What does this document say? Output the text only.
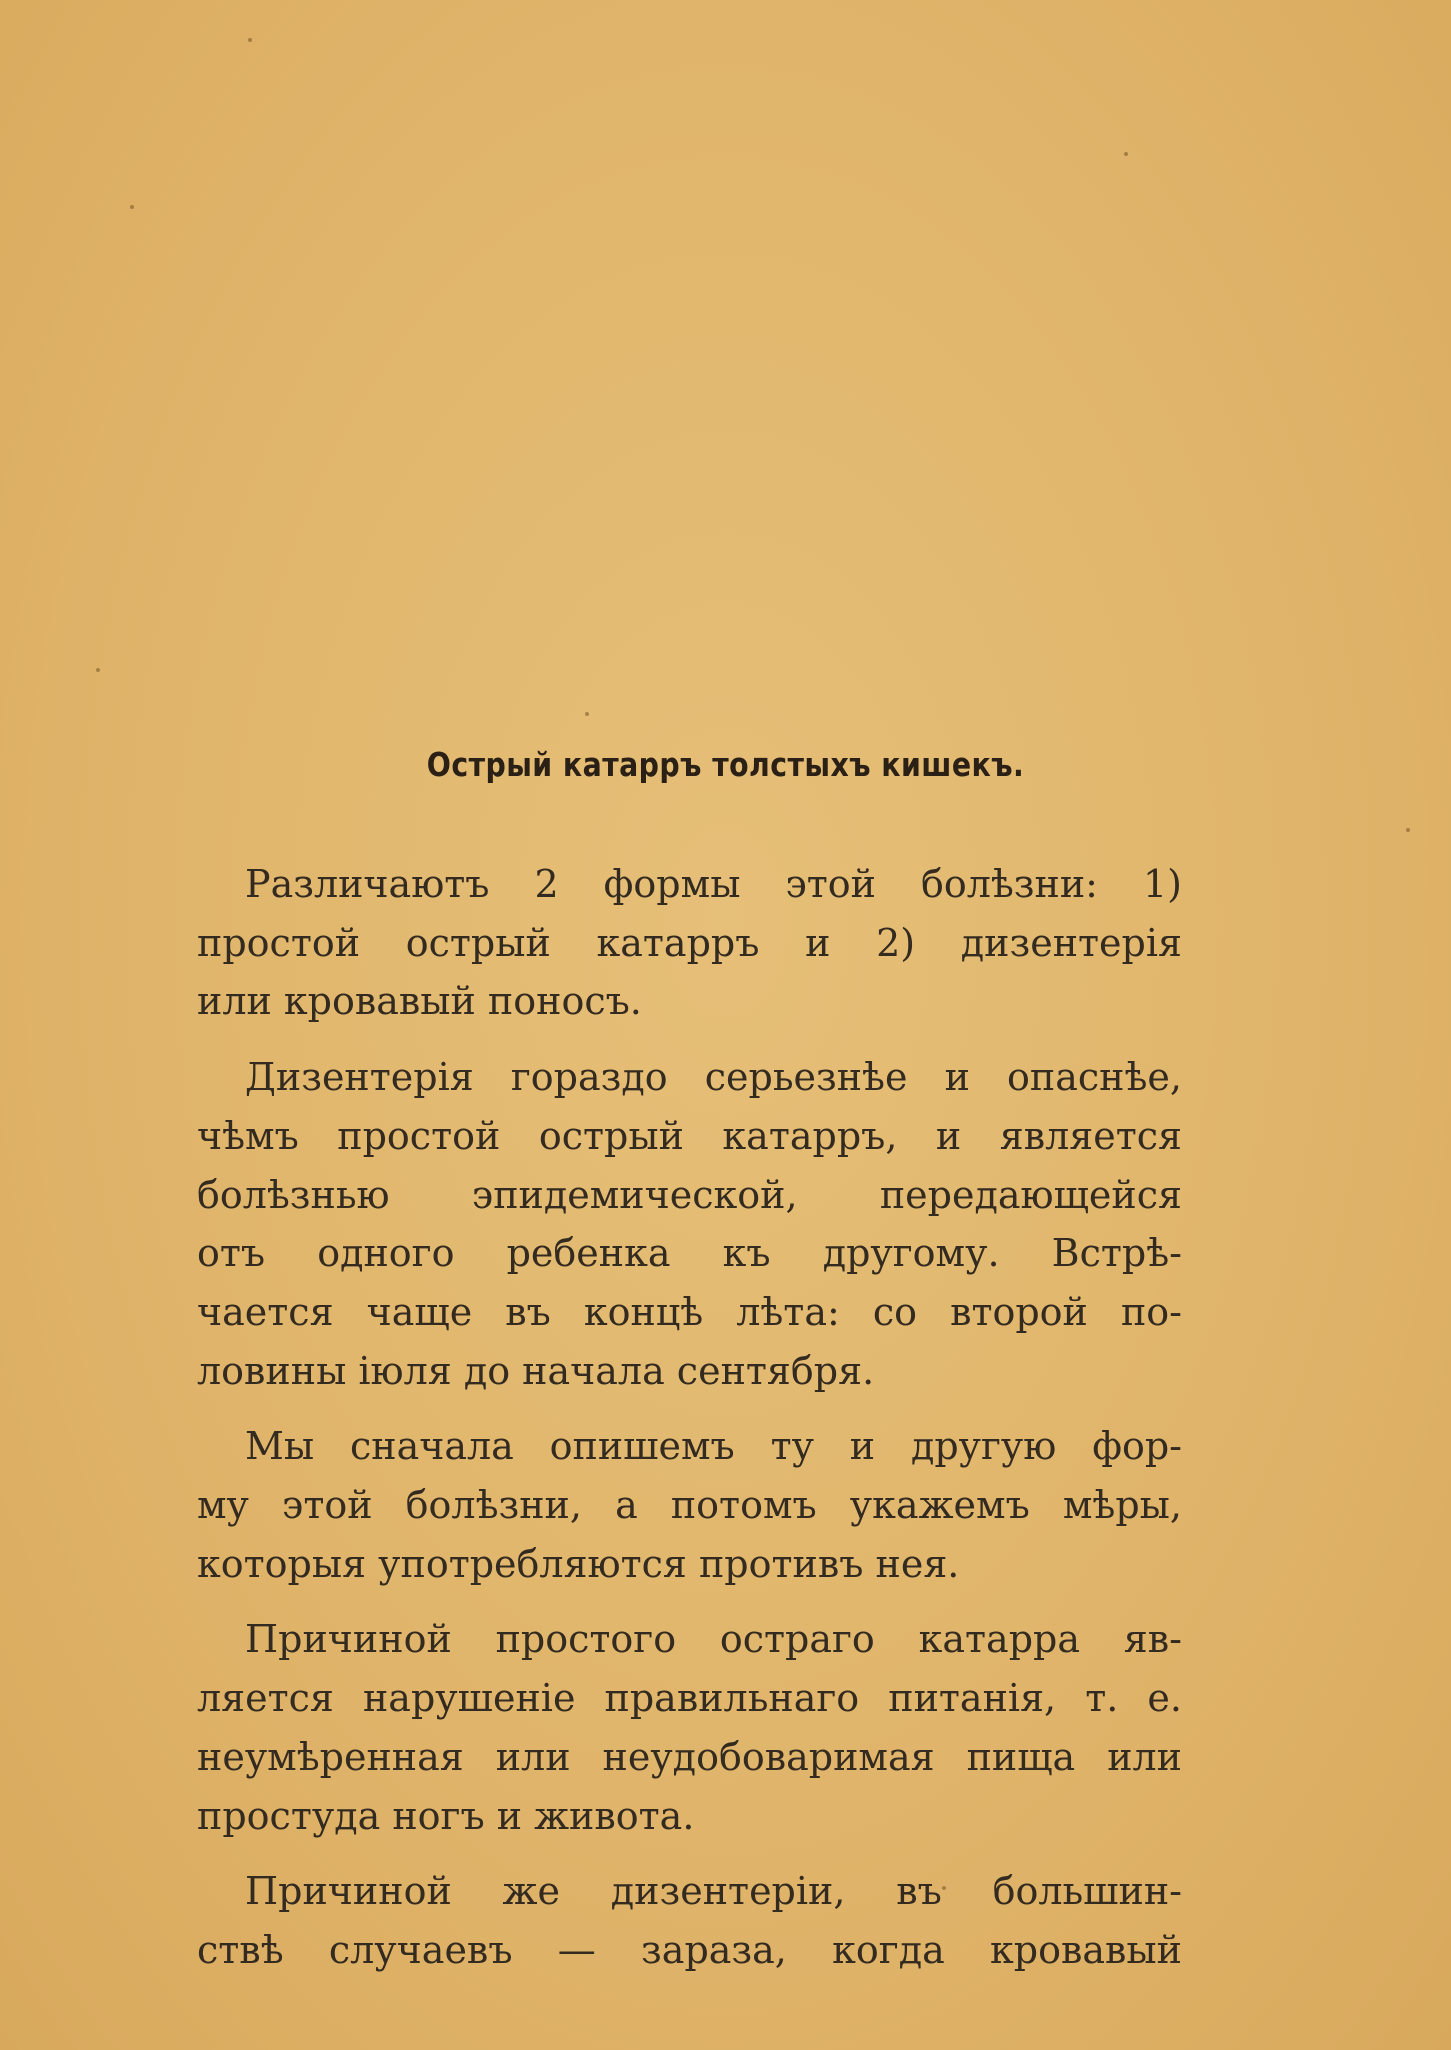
Острый катарръ толстыхъ кишекъ.

Различаютъ 2 формы этой болѣзни: 1)
простой острый катарръ и 2) дизентерія
или кровавый поносъ.

Дизентерія гораздо серьезнѣе и опаснѣе,
чѣмъ простой острый катарръ, и является
болѣзнью эпидемической, передающейся
отъ одного ребенка къ другому. Встрѣ-
чается чаще въ концѣ лѣта: со второй по-
ловины іюля до начала сентября.

Мы сначала опишемъ ту и другую фор-
му этой болѣзни, а потомъ укажемъ мѣры,
которыя употребляются противъ нея.

Причиной простого остраго катарра яв-
ляется нарушеніе правильнаго питанія, т. е.
неумѣренная или неудобоваримая пища или
простуда ногъ и живота.

Причиной же дизентеріи, въ большин-
ствѣ случаевъ — зараза, когда кровавый
